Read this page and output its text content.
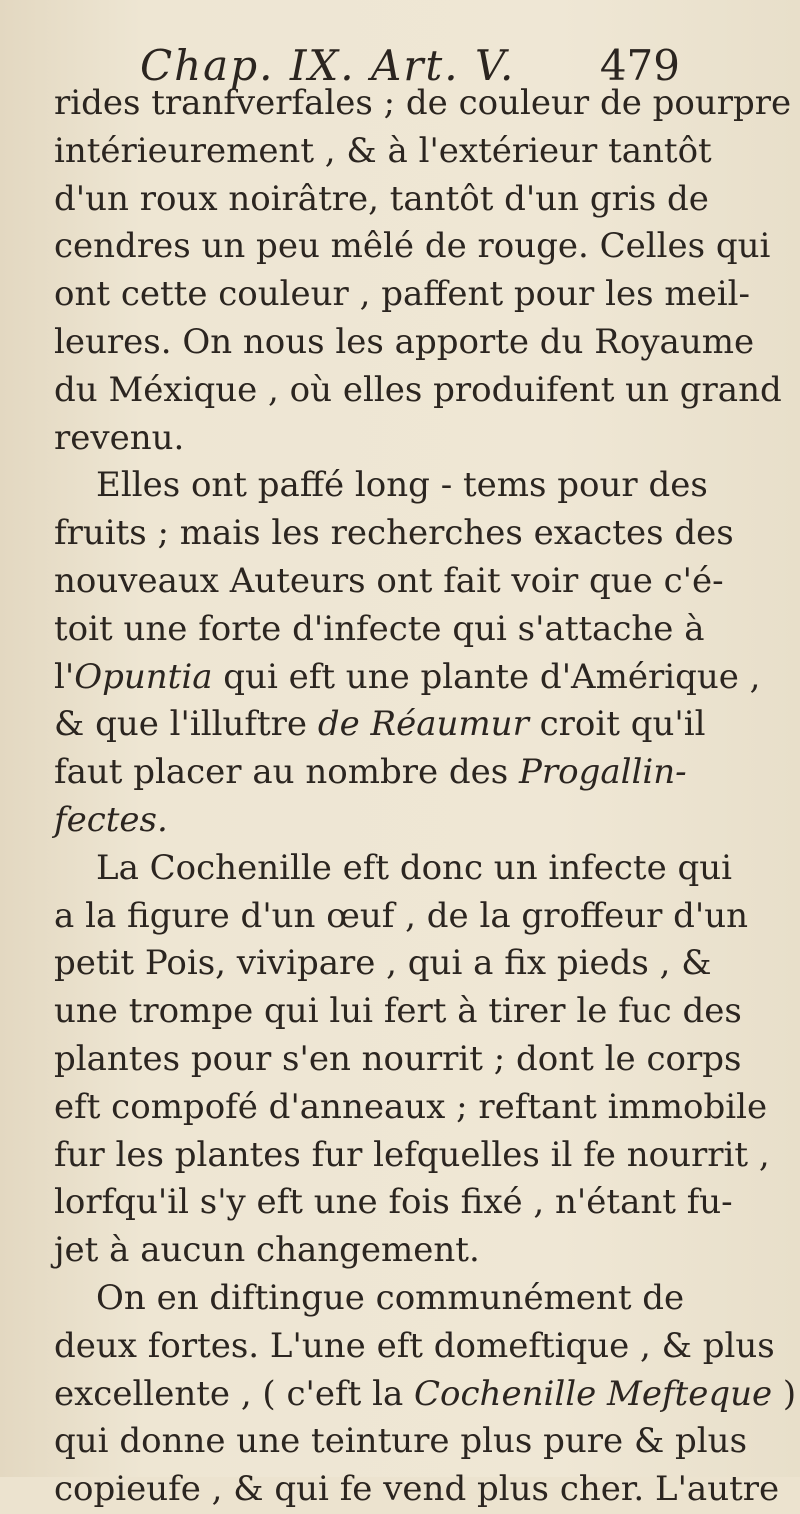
Chap. IX. Art. V. 479
rides tranfverfales ; de couleur de pourpre
intérieurement , & à l'extérieur tantôt
d'un roux noirâtre, tantôt d'un gris de
cendres un peu mêlé de rouge. Celles qui
ont cette couleur , paffent pour les meil-
leures. On nous les apporte du Royaume
du Méxique , où elles produifent un grand
revenu.
Elles ont paffé long - tems pour des
fruits ; mais les recherches exactes des
nouveaux Auteurs ont fait voir que c'é-
toit une forte d'infecte qui s'attache à
l'Opuntia qui eft une plante d'Amérique ,
& que l'illuftre de Réaumur croit qu'il
faut placer au nombre des Progallin-
fectes.
La Cochenille eft donc un infecte qui
a la figure d'un œuf , de la groffeur d'un
petit Pois, vivipare , qui a fix pieds , &
une trompe qui lui fert à tirer le fuc des
plantes pour s'en nourrit ; dont le corps
eft compofé d'anneaux ; reftant immobile
fur les plantes fur lefquelles il fe nourrit ,
lorfqu'il s'y eft une fois fixé , n'étant fu-
jet à aucun changement.
On en diftingue communément de
deux fortes. L'une eft domeftique , & plus
excellente , ( c'eft la Cochenille Mefteque )
qui donne une teinture plus pure & plus
copieufe , & qui fe vend plus cher. L'autre
